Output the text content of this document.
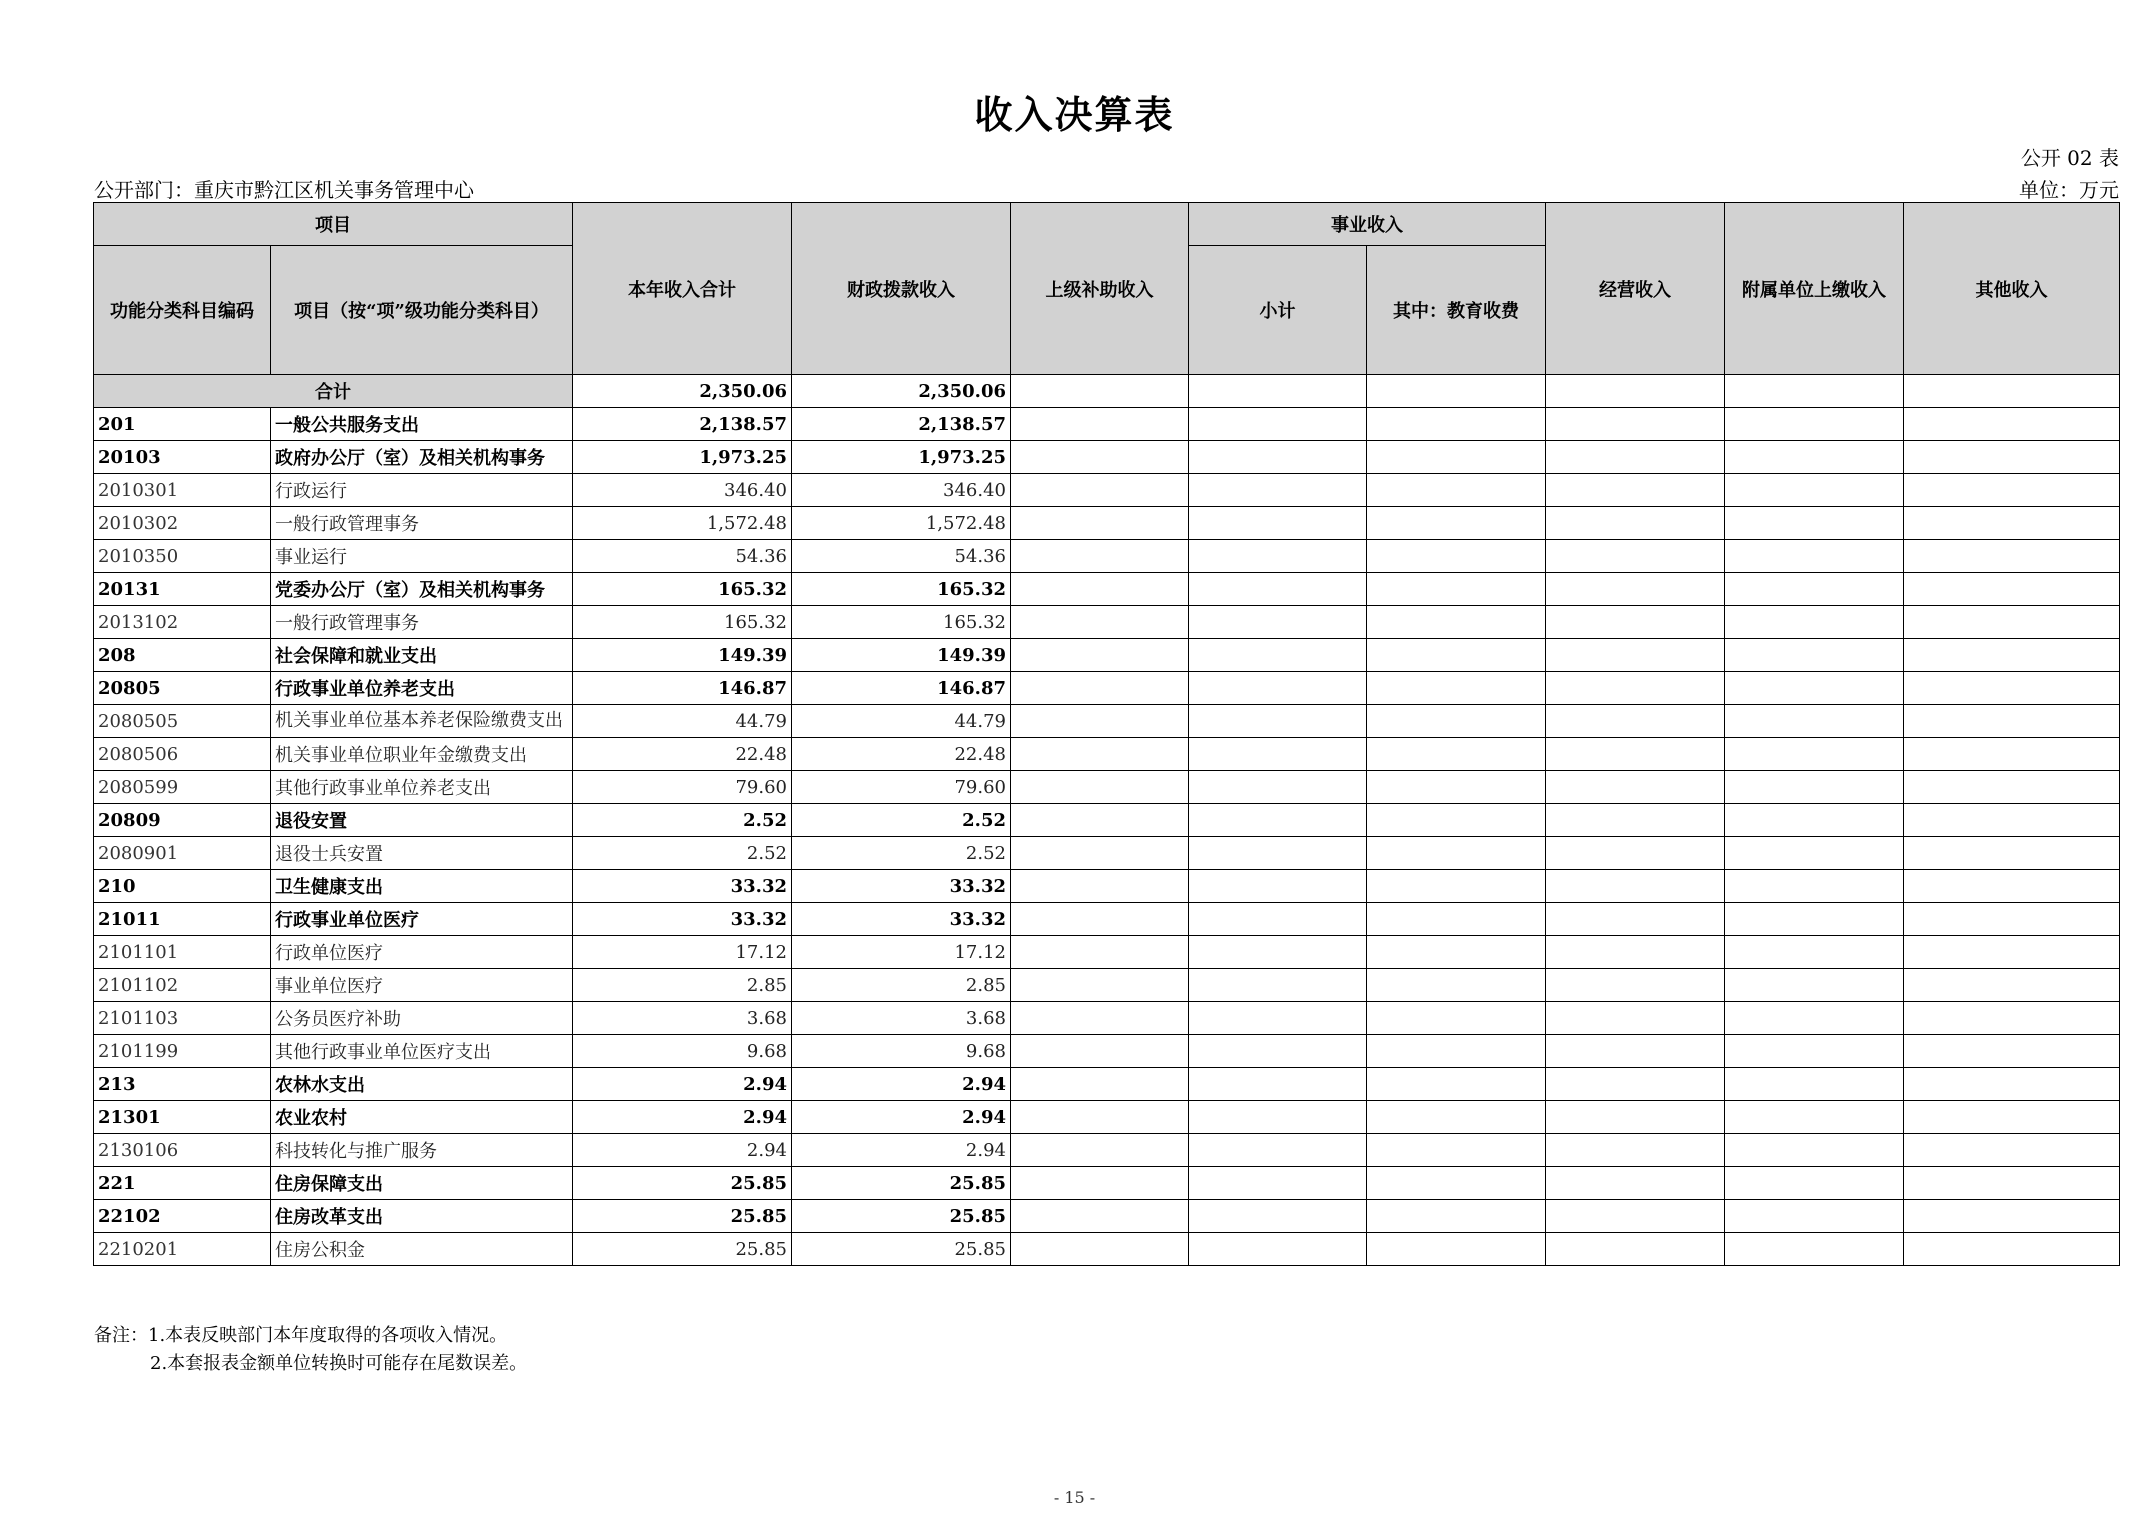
收入决算表
公开 02 表
公开部门：重庆市黔江区机关事务管理中心	单位：万元
项目		本年收入合计	财政拨款收入	上级补助收入	事业收入		经营收入	附属单位上缴收入	其他收入
功能分类科目编码	项目（按“项”级功能分类科目）				小计	其中：教育收费			
合计		2,350.06	2,350.06						
201	一般公共服务支出	2,138.57	2,138.57						
20103	政府办公厅（室）及相关机构事务	1,973.25	1,973.25						
2010301	行政运行	346.40	346.40						
2010302	一般行政管理事务	1,572.48	1,572.48						
2010350	事业运行	54.36	54.36						
20131	党委办公厅（室）及相关机构事务	165.32	165.32						
2013102	一般行政管理事务	165.32	165.32						
208	社会保障和就业支出	149.39	149.39						
20805	行政事业单位养老支出	146.87	146.87						
2080505	机关事业单位基本养老保险缴费支出	44.79	44.79						
2080506	机关事业单位职业年金缴费支出	22.48	22.48						
2080599	其他行政事业单位养老支出	79.60	79.60						
20809	退役安置	2.52	2.52						
2080901	退役士兵安置	2.52	2.52						
210	卫生健康支出	33.32	33.32						
21011	行政事业单位医疗	33.32	33.32						
2101101	行政单位医疗	17.12	17.12						
2101102	事业单位医疗	2.85	2.85						
2101103	公务员医疗补助	3.68	3.68						
2101199	其他行政事业单位医疗支出	9.68	9.68						
213	农林水支出	2.94	2.94						
21301	农业农村	2.94	2.94						
2130106	科技转化与推广服务	2.94	2.94						
221	住房保障支出	25.85	25.85						
22102	住房改革支出	25.85	25.85						
2210201	住房公积金	25.85	25.85						
备注：1.本表反映部门本年度取得的各项收入情况。
2.本套报表金额单位转换时可能存在尾数误差。
- 15 -
